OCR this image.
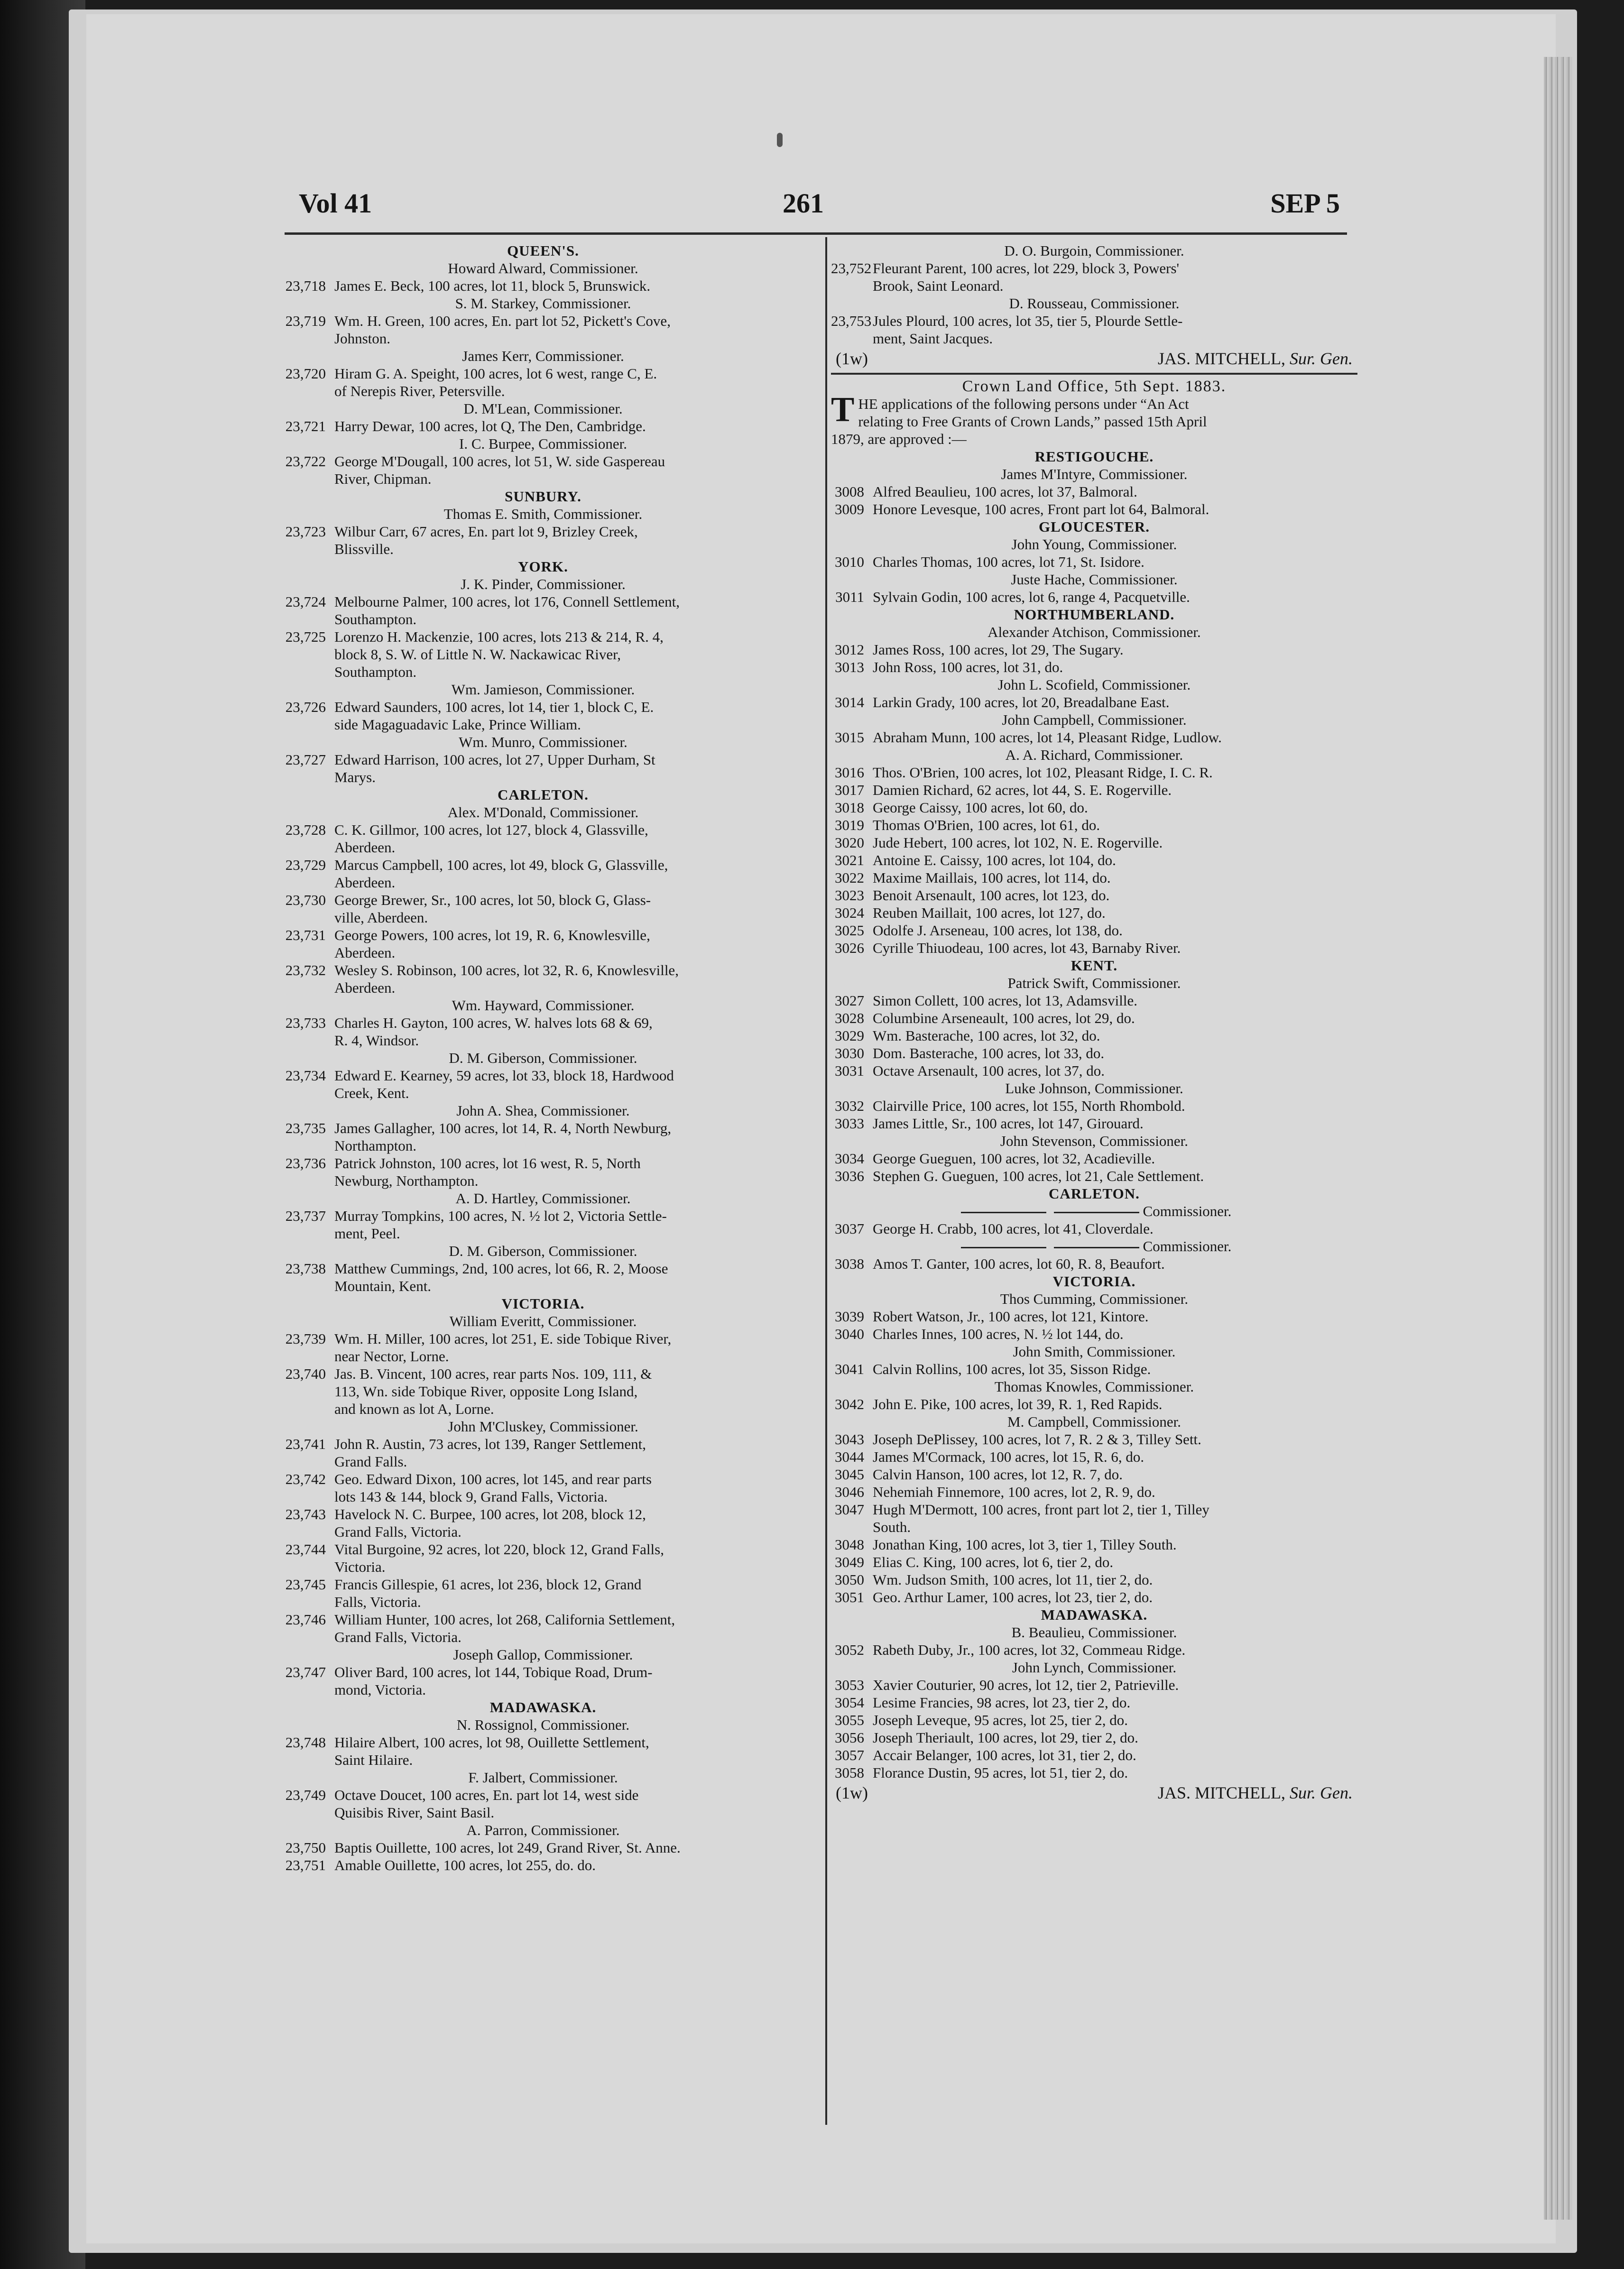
Vol 41	261	SEP 5
QUEEN'S.
Howard Alward, Commissioner.
23,718 James E. Beck, 100 acres, lot 11, block 5, Brunswick.
S. M. Starkey, Commissioner.
23,719 Wm. H. Green, 100 acres, En. part lot 52, Pickett's Cove,
Johnston.
James Kerr, Commissioner.
23,720 Hiram G. A. Speight, 100 acres, lot 6 west, range C, E.
of Nerepis River, Petersville.
D. M'Lean, Commissioner.
23,721 Harry Dewar, 100 acres, lot Q, The Den, Cambridge.
I. C. Burpee, Commissioner.
23,722 George M'Dougall, 100 acres, lot 51, W. side Gaspereau
River, Chipman.
SUNBURY.
Thomas E. Smith, Commissioner.
23,723 Wilbur Carr, 67 acres, En. part lot 9, Brizley Creek,
Blissville.
YORK.
J. K. Pinder, Commissioner.
23,724 Melbourne Palmer, 100 acres, lot 176, Connell Settlement,
Southampton.
23,725 Lorenzo H. Mackenzie, 100 acres, lots 213 & 214, R. 4,
block 8, S. W. of Little N. W. Nackawicac River,
Southampton.
Wm. Jamieson, Commissioner.
23,726 Edward Saunders, 100 acres, lot 14, tier 1, block C, E.
side Magaguadavic Lake, Prince William.
Wm. Munro, Commissioner.
23,727 Edward Harrison, 100 acres, lot 27, Upper Durham, St
Marys.
CARLETON.
Alex. M'Donald, Commissioner.
23,728 C. K. Gillmor, 100 acres, lot 127, block 4, Glassville,
Aberdeen.
23,729 Marcus Campbell, 100 acres, lot 49, block G, Glassville,
Aberdeen.
23,730 George Brewer, Sr., 100 acres, lot 50, block G, Glass-
ville, Aberdeen.
23,731 George Powers, 100 acres, lot 19, R. 6, Knowlesville,
Aberdeen.
23,732 Wesley S. Robinson, 100 acres, lot 32, R. 6, Knowlesville,
Aberdeen.
Wm. Hayward, Commissioner.
23,733 Charles H. Gayton, 100 acres, W. halves lots 68 & 69,
R. 4, Windsor.
D. M. Giberson, Commissioner.
23,734 Edward E. Kearney, 59 acres, lot 33, block 18, Hardwood
Creek, Kent.
John A. Shea, Commissioner.
23,735 James Gallagher, 100 acres, lot 14, R. 4, North Newburg,
Northampton.
23,736 Patrick Johnston, 100 acres, lot 16 west, R. 5, North
Newburg, Northampton.
A. D. Hartley, Commissioner.
23,737 Murray Tompkins, 100 acres, N. ½ lot 2, Victoria Settle-
ment, Peel.
D. M. Giberson, Commissioner.
23,738 Matthew Cummings, 2nd, 100 acres, lot 66, R. 2, Moose
Mountain, Kent.
VICTORIA.
William Everitt, Commissioner.
23,739 Wm. H. Miller, 100 acres, lot 251, E. side Tobique River,
near Nector, Lorne.
23,740 Jas. B. Vincent, 100 acres, rear parts Nos. 109, 111, &
113, Wn. side Tobique River, opposite Long Island,
and known as lot A, Lorne.
John M'Cluskey, Commissioner.
23,741 John R. Austin, 73 acres, lot 139, Ranger Settlement,
Grand Falls.
23,742 Geo. Edward Dixon, 100 acres, lot 145, and rear parts
lots 143 & 144, block 9, Grand Falls, Victoria.
23,743 Havelock N. C. Burpee, 100 acres, lot 208, block 12,
Grand Falls, Victoria.
23,744 Vital Burgoine, 92 acres, lot 220, block 12, Grand Falls,
Victoria.
23,745 Francis Gillespie, 61 acres, lot 236, block 12, Grand
Falls, Victoria.
23,746 William Hunter, 100 acres, lot 268, California Settlement,
Grand Falls, Victoria.
Joseph Gallop, Commissioner.
23,747 Oliver Bard, 100 acres, lot 144, Tobique Road, Drum-
mond, Victoria.
MADAWASKA.
N. Rossignol, Commissioner.
23,748 Hilaire Albert, 100 acres, lot 98, Ouillette Settlement,
Saint Hilaire.
F. Jalbert, Commissioner.
23,749 Octave Doucet, 100 acres, En. part lot 14, west side
Quisibis River, Saint Basil.
A. Parron, Commissioner.
23,750 Baptis Ouillette, 100 acres, lot 249, Grand River, St. Anne.
23,751 Amable Ouillette, 100 acres, lot 255, do. do.
D. O. Burgoin, Commissioner.
23,752Fleurant Parent, 100 acres, lot 229, block 3, Powers'
Brook, Saint Leonard.
D. Rousseau, Commissioner.
23,753Jules Plourd, 100 acres, lot 35, tier 5, Plourde Settle-
ment, Saint Jacques.
(1w)	JAS. MITCHELL, Sur. Gen.
Crown Land Office, 5th Sept. 1883.
T HE applications of the following persons under “An Act
relating to Free Grants of Crown Lands,” passed 15th April
1879, are approved :—
RESTIGOUCHE.
James M'Intyre, Commissioner.
3008 Alfred Beaulieu, 100 acres, lot 37, Balmoral.
3009 Honore Levesque, 100 acres, Front part lot 64, Balmoral.
GLOUCESTER.
John Young, Commissioner.
3010 Charles Thomas, 100 acres, lot 71, St. Isidore.
Juste Hache, Commissioner.
3011 Sylvain Godin, 100 acres, lot 6, range 4, Pacquetville.
NORTHUMBERLAND.
Alexander Atchison, Commissioner.
3012 James Ross, 100 acres, lot 29, The Sugary.
3013 John Ross, 100 acres, lot 31, do.
John L. Scofield, Commissioner.
3014 Larkin Grady, 100 acres, lot 20, Breadalbane East.
John Campbell, Commissioner.
3015 Abraham Munn, 100 acres, lot 14, Pleasant Ridge, Ludlow.
A. A. Richard, Commissioner.
3016 Thos. O'Brien, 100 acres, lot 102, Pleasant Ridge, I. C. R.
3017 Damien Richard, 62 acres, lot 44, S. E. Rogerville.
3018 George Caissy, 100 acres, lot 60, do.
3019 Thomas O'Brien, 100 acres, lot 61, do.
3020 Jude Hebert, 100 acres, lot 102, N. E. Rogerville.
3021 Antoine E. Caissy, 100 acres, lot 104, do.
3022 Maxime Maillais, 100 acres, lot 114, do.
3023 Benoit Arsenault, 100 acres, lot 123, do.
3024 Reuben Maillait, 100 acres, lot 127, do.
3025 Odolfe J. Arseneau, 100 acres, lot 138, do.
3026 Cyrille Thiuodeau, 100 acres, lot 43, Barnaby River.
KENT.
Patrick Swift, Commissioner.
3027 Simon Collett, 100 acres, lot 13, Adamsville.
3028 Columbine Arseneault, 100 acres, lot 29, do.
3029 Wm. Basterache, 100 acres, lot 32, do.
3030 Dom. Basterache, 100 acres, lot 33, do.
3031 Octave Arsenault, 100 acres, lot 37, do.
Luke Johnson, Commissioner.
3032 Clairville Price, 100 acres, lot 155, North Rhombold.
3033 James Little, Sr., 100 acres, lot 147, Girouard.
John Stevenson, Commissioner.
3034 George Gueguen, 100 acres, lot 32, Acadieville.
3036 Stephen G. Gueguen, 100 acres, lot 21, Cale Settlement.
CARLETON.
Commissioner.
3037 George H. Crabb, 100 acres, lot 41, Cloverdale.
Commissioner.
3038 Amos T. Ganter, 100 acres, lot 60, R. 8, Beaufort.
VICTORIA.
Thos Cumming, Commissioner.
3039 Robert Watson, Jr., 100 acres, lot 121, Kintore.
3040 Charles Innes, 100 acres, N. ½ lot 144, do.
John Smith, Commissioner.
3041 Calvin Rollins, 100 acres, lot 35, Sisson Ridge.
Thomas Knowles, Commissioner.
3042 John E. Pike, 100 acres, lot 39, R. 1, Red Rapids.
M. Campbell, Commissioner.
3043 Joseph DePlissey, 100 acres, lot 7, R. 2 & 3, Tilley Sett.
3044 James M'Cormack, 100 acres, lot 15, R. 6, do.
3045 Calvin Hanson, 100 acres, lot 12, R. 7, do.
3046 Nehemiah Finnemore, 100 acres, lot 2, R. 9, do.
3047 Hugh M'Dermott, 100 acres, front part lot 2, tier 1, Tilley
South.
3048 Jonathan King, 100 acres, lot 3, tier 1, Tilley South.
3049 Elias C. King, 100 acres, lot 6, tier 2, do.
3050 Wm. Judson Smith, 100 acres, lot 11, tier 2, do.
3051 Geo. Arthur Lamer, 100 acres, lot 23, tier 2, do.
MADAWASKA.
B. Beaulieu, Commissioner.
3052 Rabeth Duby, Jr., 100 acres, lot 32, Commeau Ridge.
John Lynch, Commissioner.
3053 Xavier Couturier, 90 acres, lot 12, tier 2, Patrieville.
3054 Lesime Francies, 98 acres, lot 23, tier 2, do.
3055 Joseph Leveque, 95 acres, lot 25, tier 2, do.
3056 Joseph Theriault, 100 acres, lot 29, tier 2, do.
3057 Accair Belanger, 100 acres, lot 31, tier 2, do.
3058 Florance Dustin, 95 acres, lot 51, tier 2, do.
(1w)	JAS. MITCHELL, Sur. Gen.
